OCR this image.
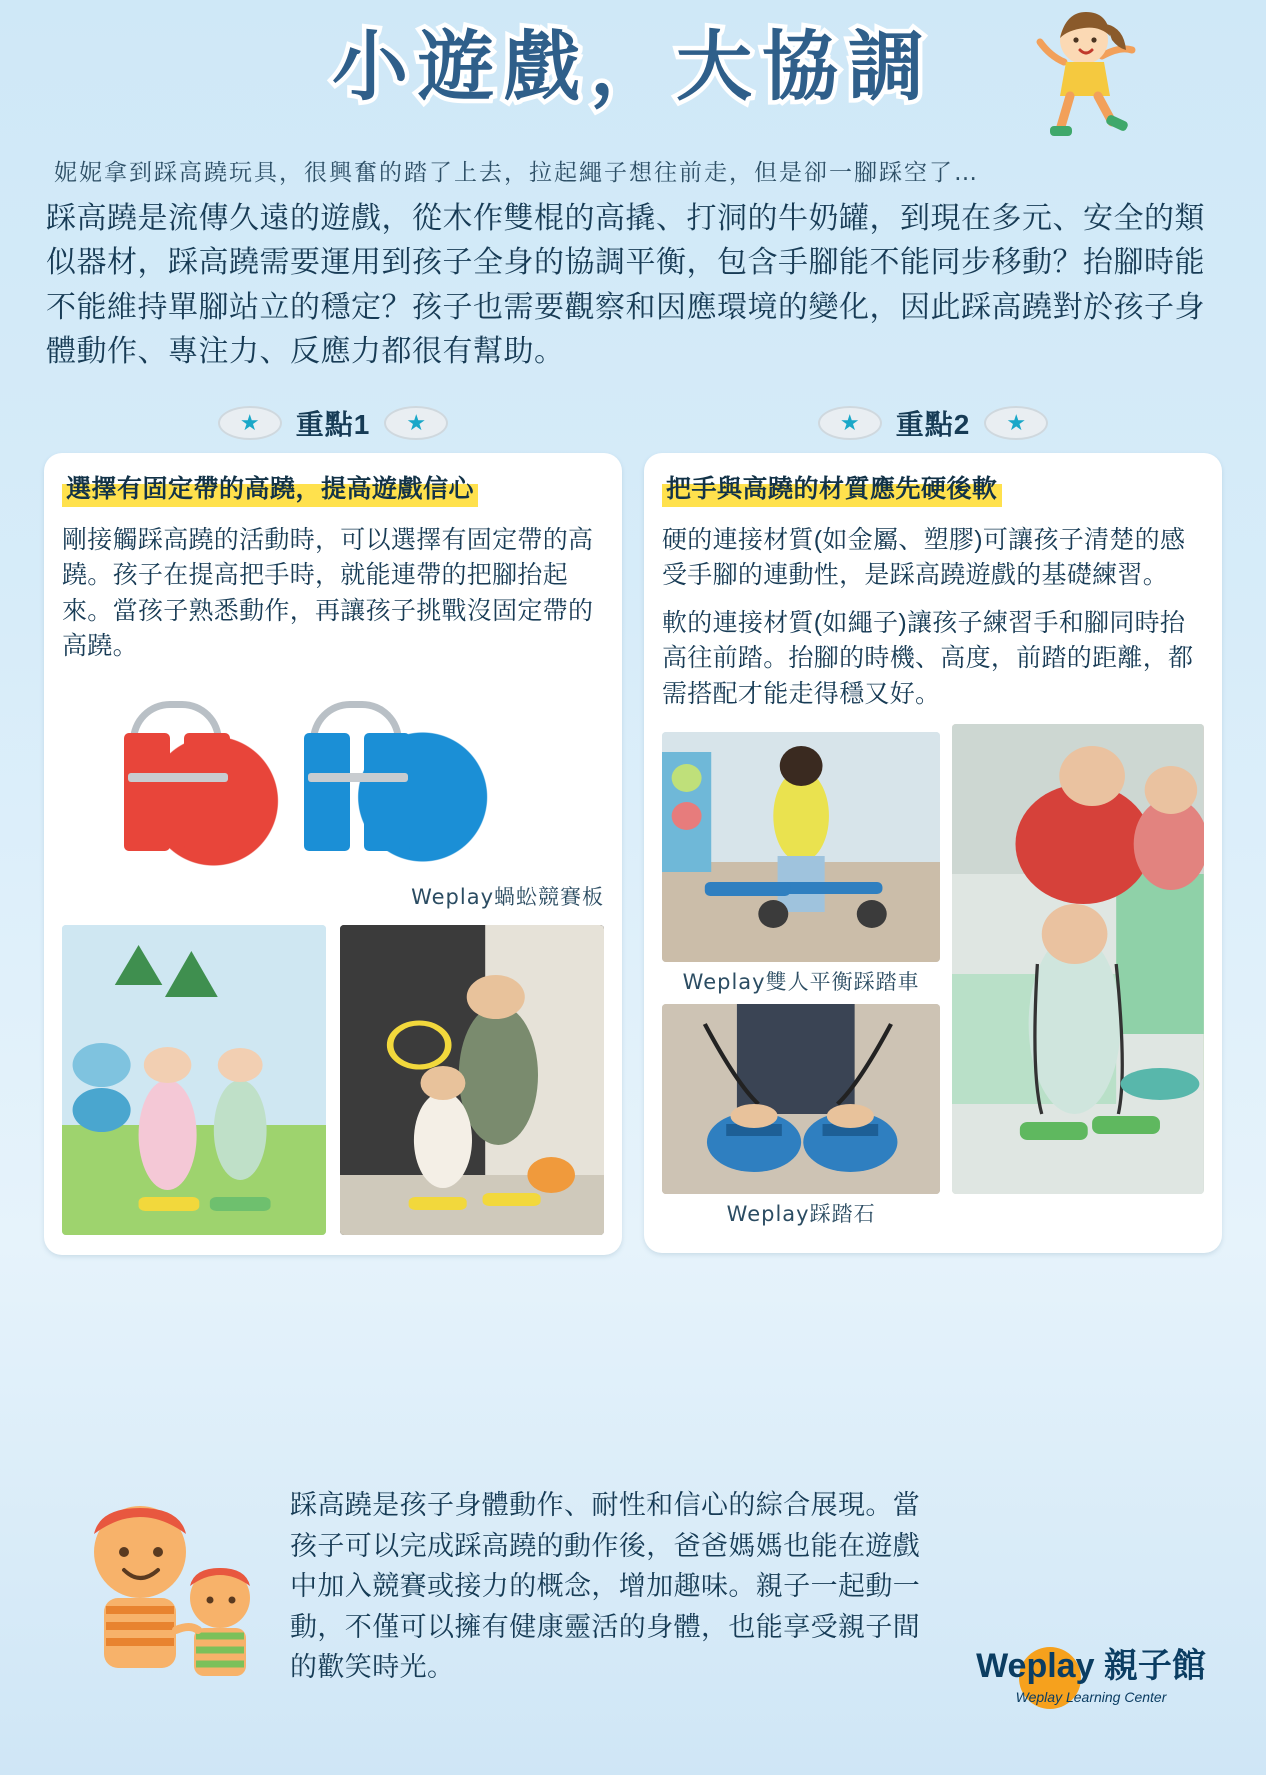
小遊戲，大協調
妮妮拿到踩高蹺玩具，很興奮的踏了上去，拉起繩子想往前走，但是卻一腳踩空了…
踩高蹺是流傳久遠的遊戲，從木作雙棍的高撬、打洞的牛奶罐，到現在多元、安全的類似器材，踩高蹺需要運用到孩子全身的協調平衡，包含手腳能不能同步移動？抬腳時能不能維持單腳站立的穩定？孩子也需要觀察和因應環境的變化，因此踩高蹺對於孩子身體動作、專注力、反應力都很有幫助。
★	重點1	★
選擇有固定帶的高蹺，提高遊戲信心
剛接觸踩高蹺的活動時，可以選擇有固定帶的高蹺。孩子在提高把手時，就能連帶的把腳抬起來。當孩子熟悉動作，再讓孩子挑戰沒固定帶的高蹺。
Weplay蝸蚣競賽板
★	重點2	★
把手與高蹺的材質應先硬後軟
硬的連接材質(如金屬、塑膠)可讓孩子清楚的感受手腳的連動性，是踩高蹺遊戲的基礎練習。
軟的連接材質(如繩子)讓孩子練習手和腳同時抬高往前踏。抬腳的時機、高度，前踏的距離，都需搭配才能走得穩又好。
Weplay雙人平衡踩踏車
Weplay踩踏石
踩高蹺是孩子身體動作、耐性和信心的綜合展現。當孩子可以完成踩高蹺的動作後，爸爸媽媽也能在遊戲中加入競賽或接力的概念，增加趣味。親子一起動一動，不僅可以擁有健康靈活的身體，也能享受親子間的歡笑時光。	Weplay 親子館
Weplay Learning Center
